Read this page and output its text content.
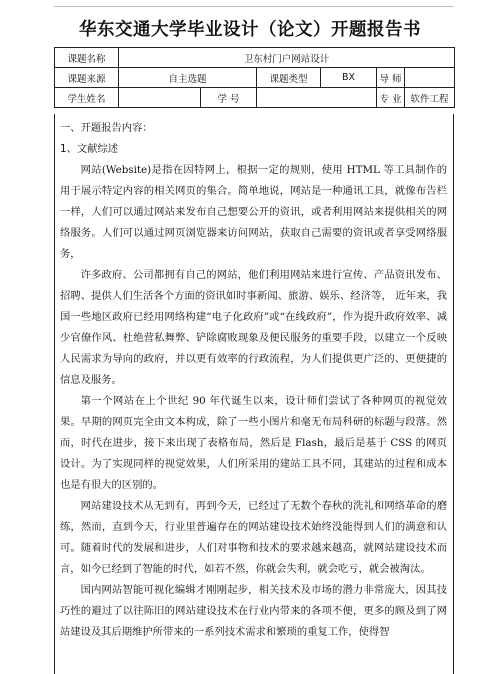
华东交通大学毕业设计（论文）开题报告书
课题名称	卫东村门户网站设计					
课题来源	自主选题		课题类型	BX	导 师	
学生姓名		学 号			专 业	软件工程
一、开题报告内容：
1、文献综述

网站(Website)是指在因特网上，根据一定的规则，使用 HTML 等工具制作的用于展示特定内容的相关网页的集合。简单地说，网站是一种通讯工具，就像布告栏一样，人们可以通过网站来发布自己想要公开的资讯，或者利用网站来提供相关的网络服务。人们可以通过网页浏览器来访问网站，获取自己需要的资讯或者享受网络服务，

许多政府、公司都拥有自己的网站，他们利用网站来进行宣传、产品资讯发布、招聘、提供人们生活各个方面的资讯如时事新闻、旅游、娱乐、经济等， 近年来，我国一些地区政府已经用网络构建“电子化政府”或“在线政府”，作为提升政府效率、减少官僚作风、杜绝营私舞弊、铲除腐败现象及便民服务的重要手段，以建立一个反映人民需求为导向的政府，并以更有效率的行政流程，为人们提供更广泛的、更便捷的信息及服务。

第一个网站在上个世纪 90 年代诞生以来，设计师们尝试了各种网页的视觉效果。早期的网页完全由文本构成，除了一些小图片和毫无布局科研的标题与段落。然而，时代在进步，接下来出现了表格布局，然后是 Flash，最后是基于 CSS 的网页设计。为了实现同样的视觉效果，人们所采用的建站工具不同，其建站的过程和成本也是有很大的区别的。

网站建设技术从无到有，再到今天，已经过了无数个春秋的洗礼和网络革命的磨练，然而，直到今天，行业里普遍存在的网站建设技术始终没能得到人们的满意和认可。随着时代的发展和进步，人们对事物和技术的要求越来越高，就网站建设技术而言，如今已经到了智能的时代，如若不然，你就会失利，就会吃亏，就会被淘汰。

国内网站智能可视化编辑才刚刚起步，相关技术及市场的潜力非常庞大，因其技巧性的避过了以往陈旧的网站建设技术在行业内带来的各项不便，更多的顾及到了网站建设及其后期维护所带来的一系列技术需求和繁琐的重复工作，使得智
